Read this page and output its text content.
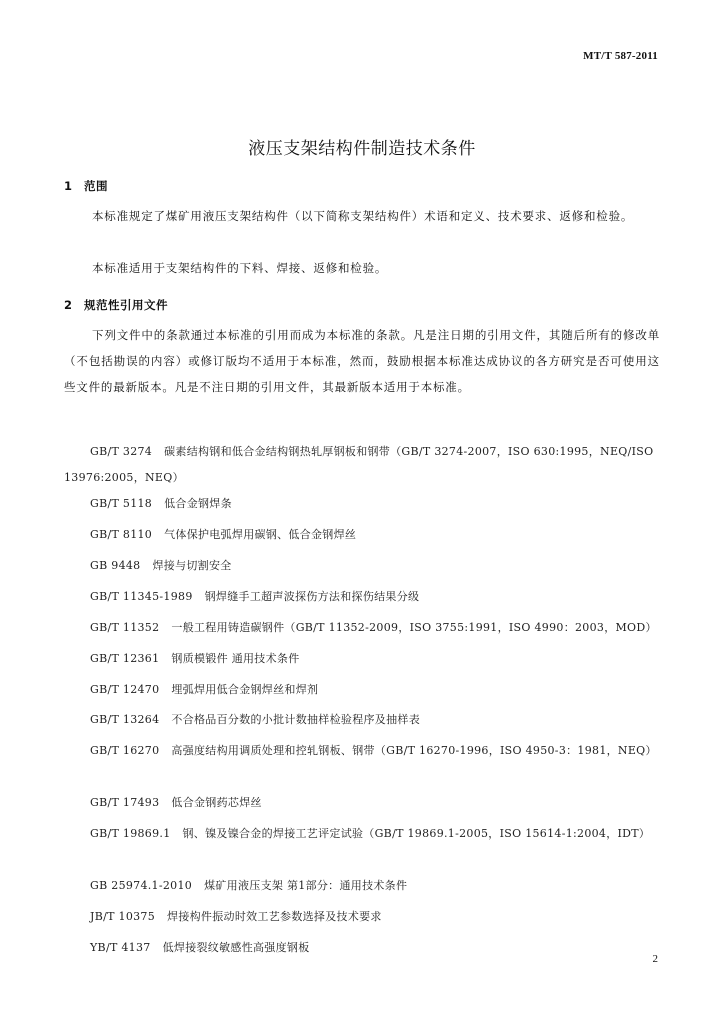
MT/T 587-2011
液压支架结构件制造技术条件
1 范围

本标准规定了煤矿用液压支架结构件（以下简称支架结构件）术语和定义、技术要求、返修和检验。

本标准适用于支架结构件的下料、焊接、返修和检验。

2 规范性引用文件

下列文件中的条款通过本标准的引用而成为本标准的条款。凡是注日期的引用文件，其随后所有的修改单（不包括勘误的内容）或修订版均不适用于本标准，然而，鼓励根据本标准达成协议的各方研究是否可使用这些文件的最新版本。凡是不注日期的引用文件，其最新版本适用于本标准。

GB/T 3274 碳素结构钢和低合金结构钢热轧厚钢板和钢带（GB/T 3274-2007，ISO 630:1995，NEQ/ISO 13976:2005，NEQ）
GB/T 5118 低合金钢焊条
GB/T 8110 气体保护电弧焊用碳钢、低合金钢焊丝
GB 9448 焊接与切割安全
GB/T 11345-1989 钢焊缝手工超声波探伤方法和探伤结果分级
GB/T 11352 一般工程用铸造碳钢件（GB/T 11352-2009，ISO 3755:1991，ISO 4990：2003，MOD）
GB/T 12361 钢质模锻件 通用技术条件
GB/T 12470 埋弧焊用低合金钢焊丝和焊剂
GB/T 13264 不合格品百分数的小批计数抽样检验程序及抽样表
GB/T 16270 高强度结构用调质处理和控轧钢板、钢带（GB/T 16270-1996，ISO 4950-3：1981，NEQ）
GB/T 17493 低合金钢药芯焊丝
GB/T 19869.1 钢、镍及镍合金的焊接工艺评定试验（GB/T 19869.1-2005，ISO 15614-1:2004，IDT）
GB 25974.1-2010 煤矿用液压支架 第1部分：通用技术条件
JB/T 10375 焊接构件振动时效工艺参数选择及技术要求
YB/T 4137 低焊接裂纹敏感性高强度钢板
2
